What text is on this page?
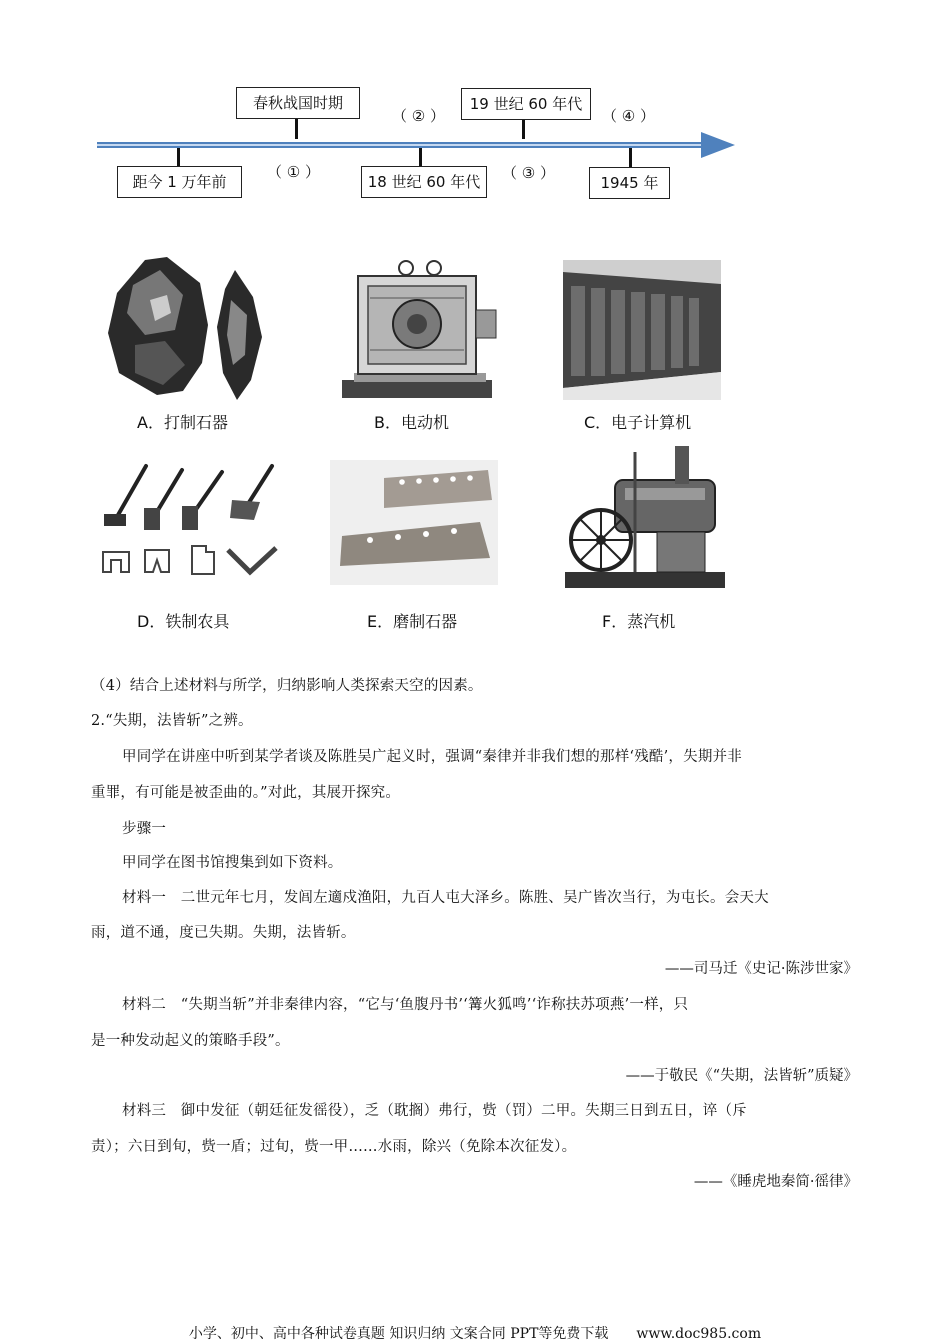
春秋战国时期	19 世纪 60 年代
距今 1 万年前	18 世纪 60 年代	1945 年
（ ① ）
（ ② ）
（ ③ ）
（ ④ ）
A．打制石器	B．电动机	C．电子计算机
D．铁制农具	E．磨制石器	F．蒸汽机
（4）结合上述材料与所学，归纳影响人类探索天空的因素。
2.“失期，法皆斩”之辨。
甲同学在讲座中听到某学者谈及陈胜吴广起义时，强调“秦律并非我们想的那样‘残酷’，失期并非
重罪，有可能是被歪曲的。”对此，其展开探究。
步骤一
甲同学在图书馆搜集到如下资料。
材料一　二世元年七月，发闾左適戍渔阳，九百人屯大泽乡。陈胜、吴广皆次当行，为屯长。会天大
雨，道不通，度已失期。失期，法皆斩。
——司马迁《史记·陈涉世家》
材料二　“失期当斩”并非秦律内容，“它与‘鱼腹丹书’‘篝火狐鸣’‘诈称扶苏项燕’一样，只
是一种发动起义的策略手段”。
——于敬民《“失期，法皆斩”质疑》
材料三　御中发征（朝廷征发徭役），乏（耽搁）弗行，赀（罚）二甲。失期三日到五日，谇（斥
责）；六日到旬，赀一盾；过旬，赀一甲……水雨，除兴（免除本次征发）。
——《睡虎地秦简·徭律》
小学、初中、高中各种试卷真题 知识归纳 文案合同 PPT等免费下载　　www.doc985.com
